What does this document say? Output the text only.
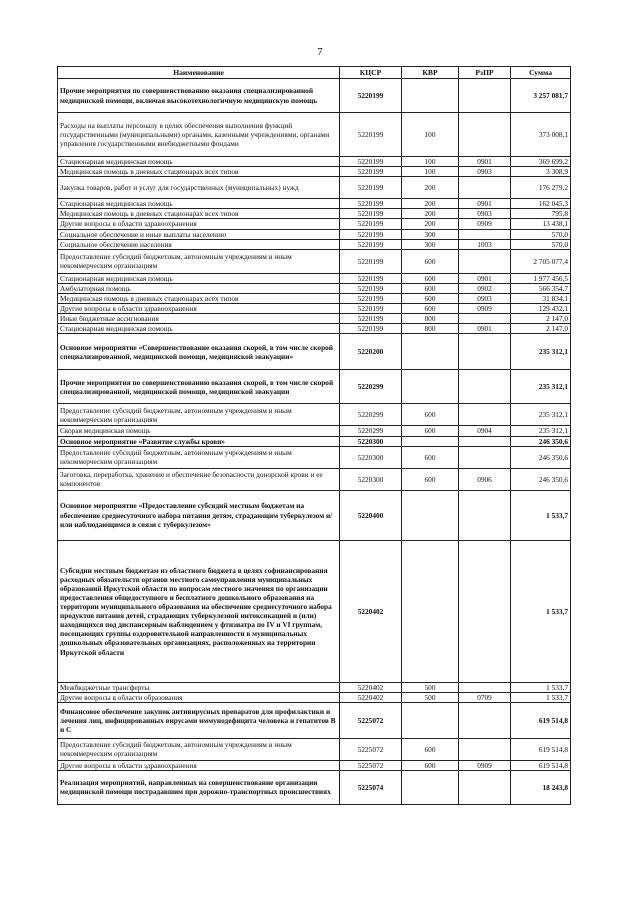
7
Наименование	КЦСР	КВР	РзПР	Сумма
Прочие мероприятия по совершенствованию оказания специализированной медицинской помощи, включая высокотехнологичную медицинскую помощь	5220199			3 257 081,7
Расходы на выплаты персоналу в целях обеспечения выполнения функций государственными (муниципальными) органами, казенными учреждениями, органами управления государственными внебюджетными фондами	5220199	100		373 008,1
Стационарная медицинская помощь	5220199	100	0901	369 699,2
Медицинская помощь в дневных стационарах всех типов	5220199	100	0903	3 308,9
Закупка товаров, работ и услуг для государственных (муниципальных) нужд	5220199	200		176 279,2
Стационарная медицинская помощь	5220199	200	0901	162 045,3
Медицинская помощь в дневных стационарах всех типов	5220199	200	0903	795,8
Другие вопросы в области здравоохранения	5220199	200	0909	13 438,1
Социальное обеспечение и иные выплаты населению	5220199	300		570,0
Социальное обеспечение населения	5220199	300	1003	570,0
Предоставление субсидий бюджетным, автономным учреждениям и иным некоммерческим организациям	5220199	600		2 705 077,4
Стационарная медицинская помощь	5220199	600	0901	1 977 456,5
Амбулаторная помощь	5220199	600	0902	566 354,7
Медицинская помощь в дневных стационарах всех типов	5220199	600	0903	31 834,1
Другие вопросы в области здравоохранения	5220199	600	0909	129 432,1
Иные бюджетные ассигнования	5220199	800		2 147,0
Стационарная медицинская помощь	5220199	800	0901	2 147,0
Основное мероприятие «Совершенствование оказания скорой, в том числе скорой специализированной, медицинской помощи, медицинской эвакуации»	5220200			235 312,1
Прочие мероприятия по совершенствованию оказания скорой, в том числе скорой специализированной, медицинской помощи, медицинской эвакуации	5220299			235 312,1
Предоставление субсидий бюджетным, автономным учреждениям и иным некоммерческим организациям	5220299	600		235 312,1
Скорая медицинская помощь	5220299	600	0904	235 312,1
Основное мероприятие «Развитие службы крови»	5220300			246 350,6
Предоставление субсидий бюджетным, автономным учреждениям и иным некоммерческим организациям	5220300	600		246 350,6
Заготовка, переработка, хранение и обеспечение безопасности донорской крови и ее компонентов	5220300	600	0906	246 350,6
Основное мероприятие «Предоставление субсидий местным бюджетам на обеспечение среднесуточного набора питания детям, страдающим туберкулезом и/или наблюдающимся в связи с туберкулезом»	5220400			1 533,7
Субсидии местным бюджетам из областного бюджета в целях софинансирования расходных обязательств органов местного самоуправления муниципальных образований Иркутской области по вопросам местного значения по организации предоставления общедоступного и бесплатного дошкольного образования на территории муниципального образования на обеспечение среднесуточного набора продуктов питания детей, страдающих туберкулезной интоксикацией и (или) находящихся под диспансерным наблюдением у фтизиатра по IV и VI группам, посещающих группы оздоровительной направленности в муниципальных дошкольных образовательных организациях, расположенных на территории Иркутской области	5220402			1 533,7
Межбюджетные трансферты	5220402	500		1 533,7
Другие вопросы в области образования	5220402	500	0709	1 533,7
Финансовое обеспечение закупок антивирусных препаратов для профилактики и лечения лиц, инфицированных вирусами иммунодефицита человека и гепатитов В и С	5225072			619 514,8
Предоставление субсидий бюджетным, автономным учреждениям и иным некоммерческим организациям	5225072	600		619 514,8
Другие вопросы в области здравоохранения	5225072	600	0909	619 514,8
Реализация мероприятий, направленных на совершенствование организации медицинской помощи пострадавшим при дорожно-транспортных происшествиях	5225074			18 243,8
